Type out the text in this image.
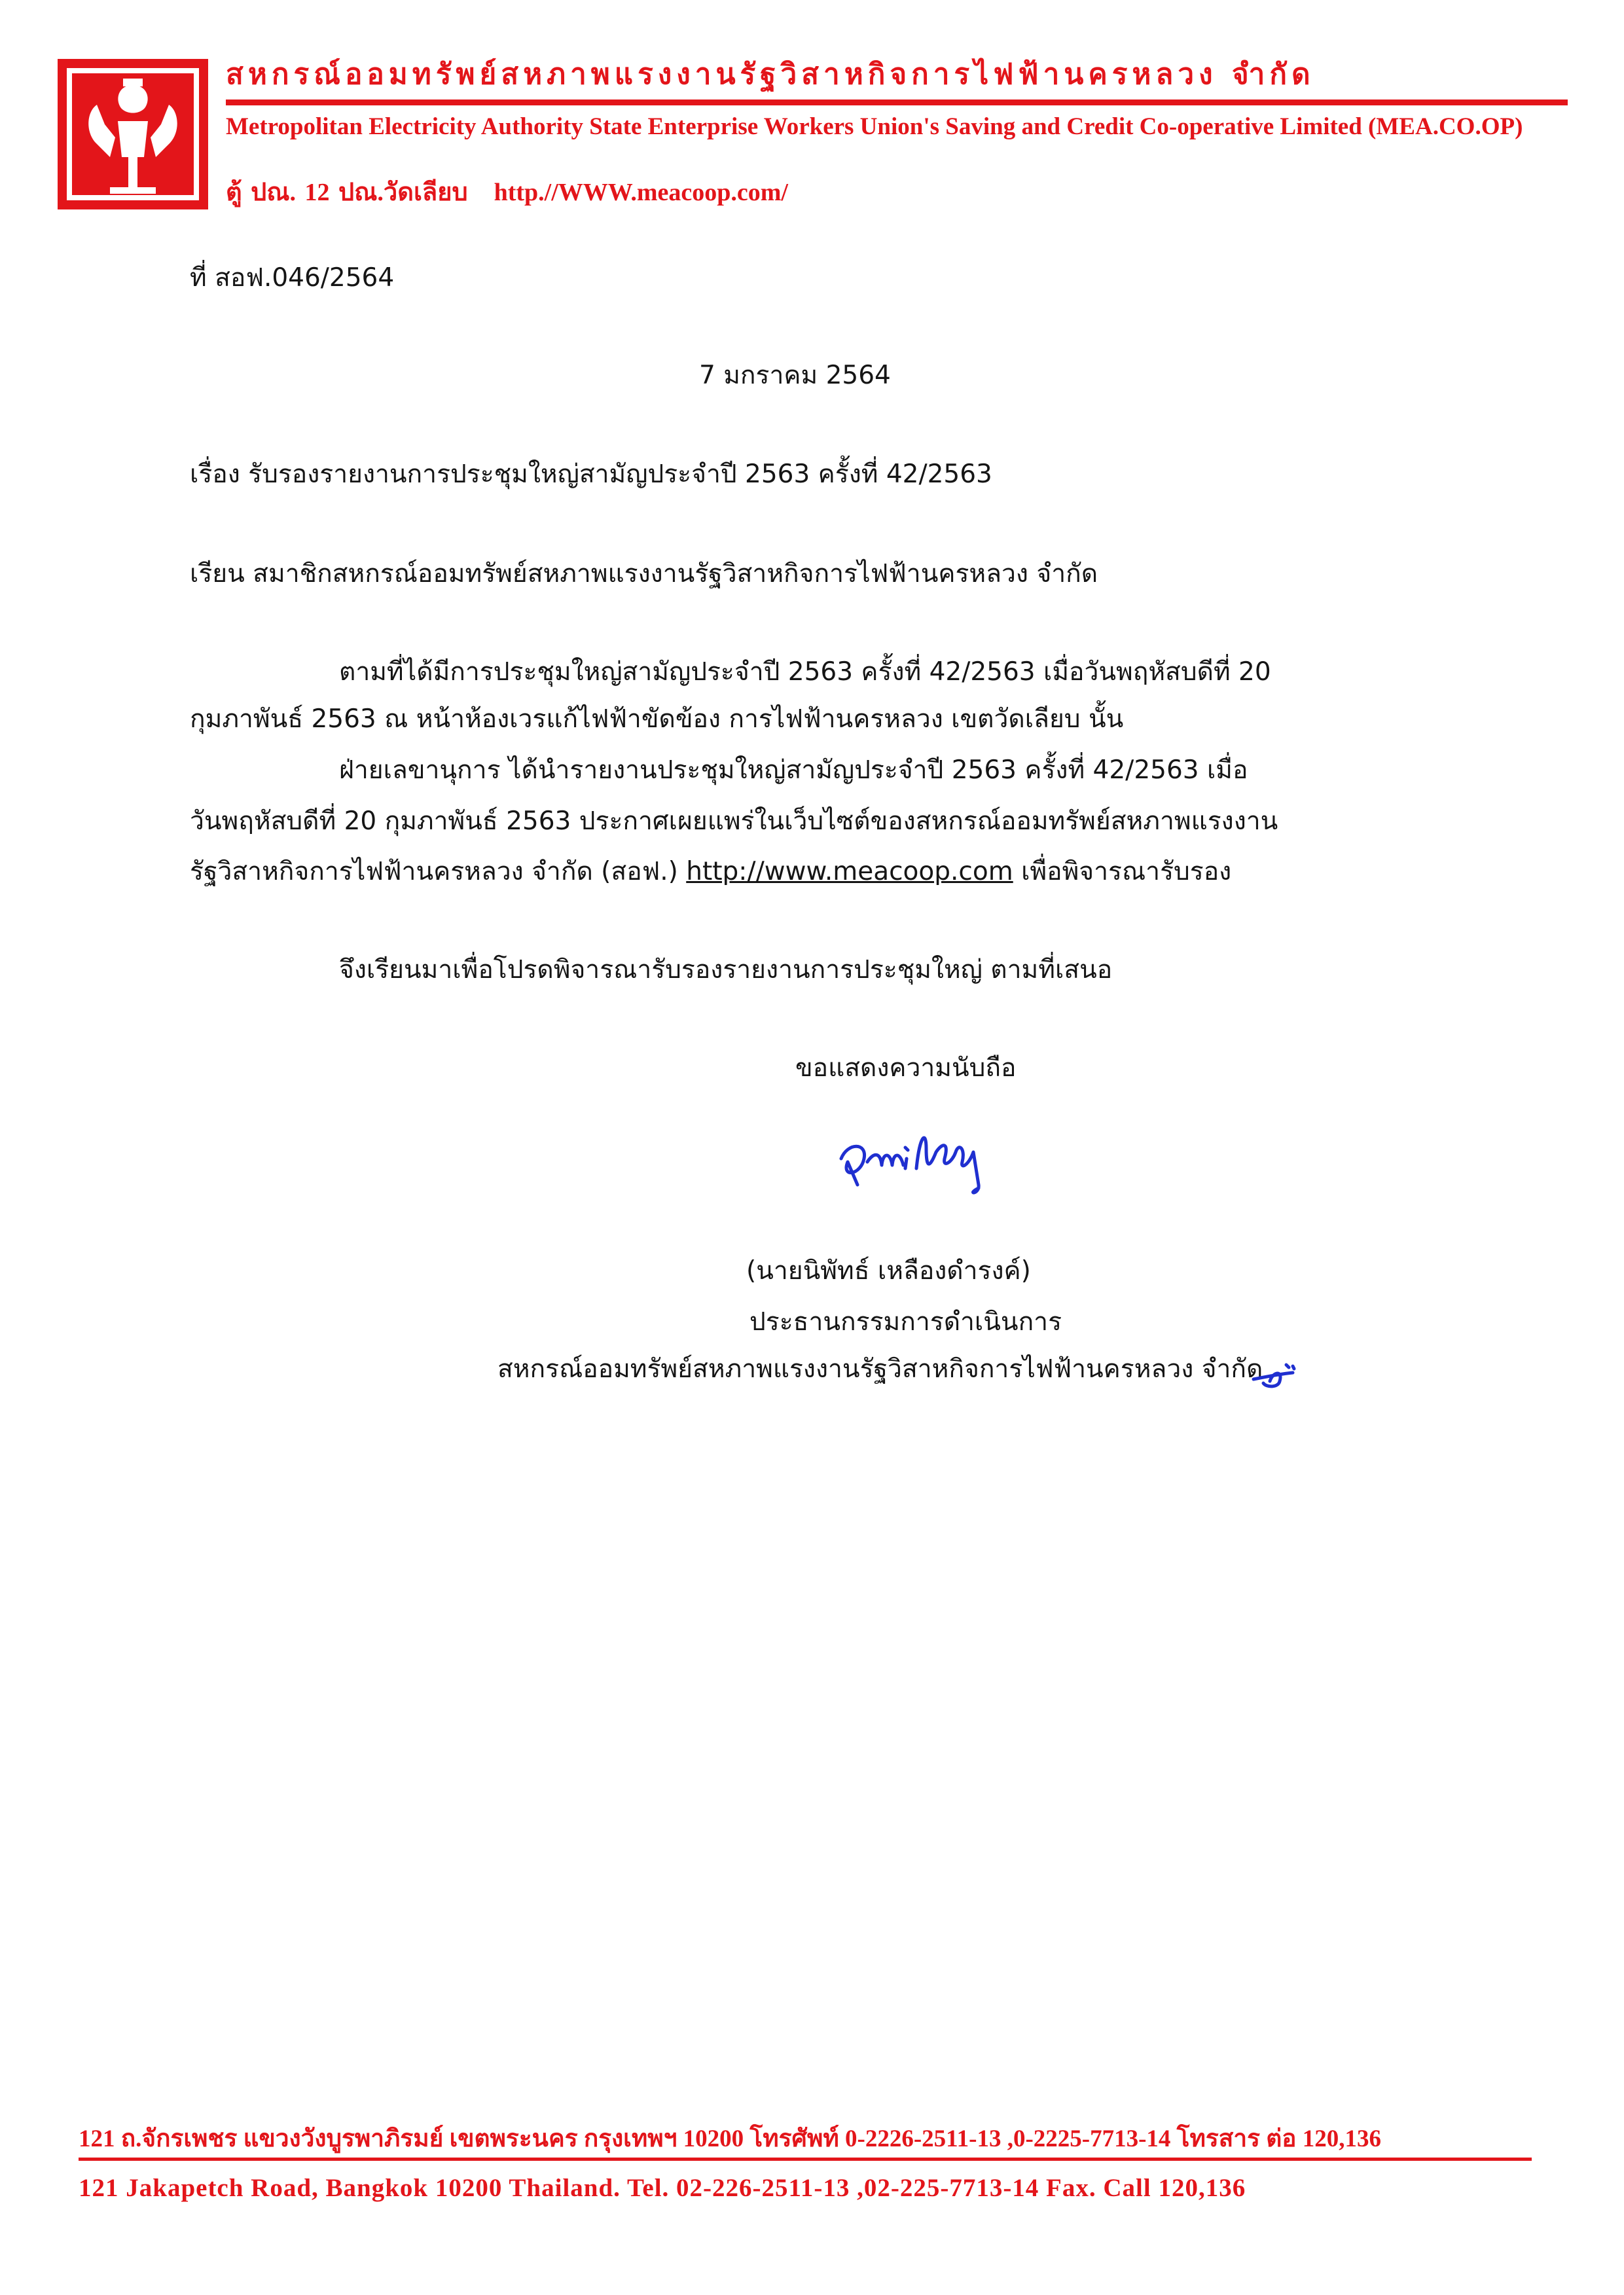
สหกรณ์ออมทรัพย์สหภาพแรงงานรัฐวิสาหกิจการไฟฟ้านครหลวง จำกัด
Metropolitan Electricity Authority State Enterprise Workers Union's Saving and Credit Co-operative Limited (MEA.CO.OP)
ตู้ ปณ. 12 ปณ.วัดเลียบ http.//WWW.meacoop.com/
ที่ สอฟ.046/2564
7 มกราคม 2564
เรื่อง รับรองรายงานการประชุมใหญ่สามัญประจำปี 2563 ครั้งที่ 42/2563
เรียน สมาชิกสหกรณ์ออมทรัพย์สหภาพแรงงานรัฐวิสาหกิจการไฟฟ้านครหลวง จำกัด
ตามที่ได้มีการประชุมใหญ่สามัญประจำปี 2563 ครั้งที่ 42/2563 เมื่อวันพฤหัสบดีที่ 20
กุมภาพันธ์ 2563 ณ หน้าห้องเวรแก้ไฟฟ้าขัดข้อง การไฟฟ้านครหลวง เขตวัดเลียบ นั้น
ฝ่ายเลขานุการ ได้นำรายงานประชุมใหญ่สามัญประจำปี 2563 ครั้งที่ 42/2563 เมื่อ
วันพฤหัสบดีที่ 20 กุมภาพันธ์ 2563 ประกาศเผยแพร่ในเว็บไซต์ของสหกรณ์ออมทรัพย์สหภาพแรงงาน
รัฐวิสาหกิจการไฟฟ้านครหลวง จำกัด (สอฟ.) http://www.meacoop.com เพื่อพิจารณารับรอง
จึงเรียนมาเพื่อโปรดพิจารณารับรองรายงานการประชุมใหญ่ ตามที่เสนอ
ขอแสดงความนับถือ
(นายนิพัทธ์ เหลืองดำรงค์)
ประธานกรรมการดำเนินการ
สหกรณ์ออมทรัพย์สหภาพแรงงานรัฐวิสาหกิจการไฟฟ้านครหลวง จำกัด
121 ถ.จักรเพชร แขวงวังบูรพาภิรมย์ เขตพระนคร กรุงเทพฯ 10200 โทรศัพท์ 0-2226-2511-13 ,0-2225-7713-14 โทรสาร ต่อ 120,136
121 Jakapetch Road, Bangkok 10200 Thailand. Tel. 02-226-2511-13 ,02-225-7713-14 Fax. Call 120,136
